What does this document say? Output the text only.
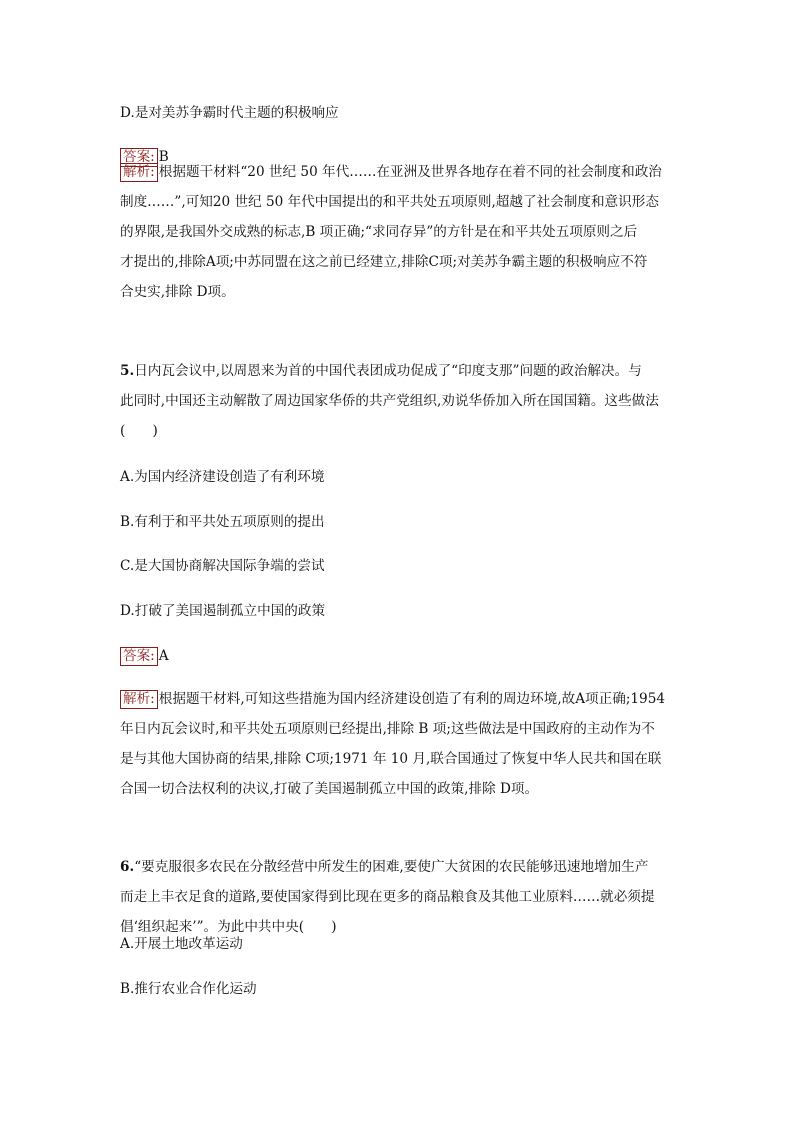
D.是对美苏争霸时代主题的积极响应

答案: B

解析: 根据题干材料“20 世纪 50 年代……在亚洲及世界各地存在着不同的社会制度和政治
制度……”,可知20 世纪 50 年代中国提出的和平共处五项原则,超越了社会制度和意识形态
的界限,是我国外交成熟的标志,B 项正确;“求同存异”的方针是在和平共处五项原则之后
才提出的,排除A项;中苏同盟在这之前已经建立,排除C项;对美苏争霸主题的积极响应不符
合史实,排除 D项。
5.日内瓦会议中,以周恩来为首的中国代表团成功促成了“印度支那”问题的政治解决。与
此同时,中国还主动解散了周边国家华侨的共产党组织,劝说华侨加入所在国国籍。这些做法
(　　)

A.为国内经济建设创造了有利环境

B.有利于和平共处五项原则的提出

C.是大国协商解决国际争端的尝试

D.打破了美国遏制孤立中国的政策

答案: A

解析: 根据题干材料,可知这些措施为国内经济建设创造了有利的周边环境,故A项正确;1954
年日内瓦会议时,和平共处五项原则已经提出,排除 B 项;这些做法是中国政府的主动作为不
是与其他大国协商的结果,排除 C项;1971 年 10 月,联合国通过了恢复中华人民共和国在联
合国一切合法权利的决议,打破了美国遏制孤立中国的政策,排除 D项。
6.“要克服很多农民在分散经营中所发生的困难,要使广大贫困的农民能够迅速地增加生产
而走上丰衣足食的道路,要使国家得到比现在更多的商品粮食及其他工业原料……就必须提
倡‘组织起来’”。为此中共中央(　　)

A.开展土地改革运动

B.推行农业合作化运动
